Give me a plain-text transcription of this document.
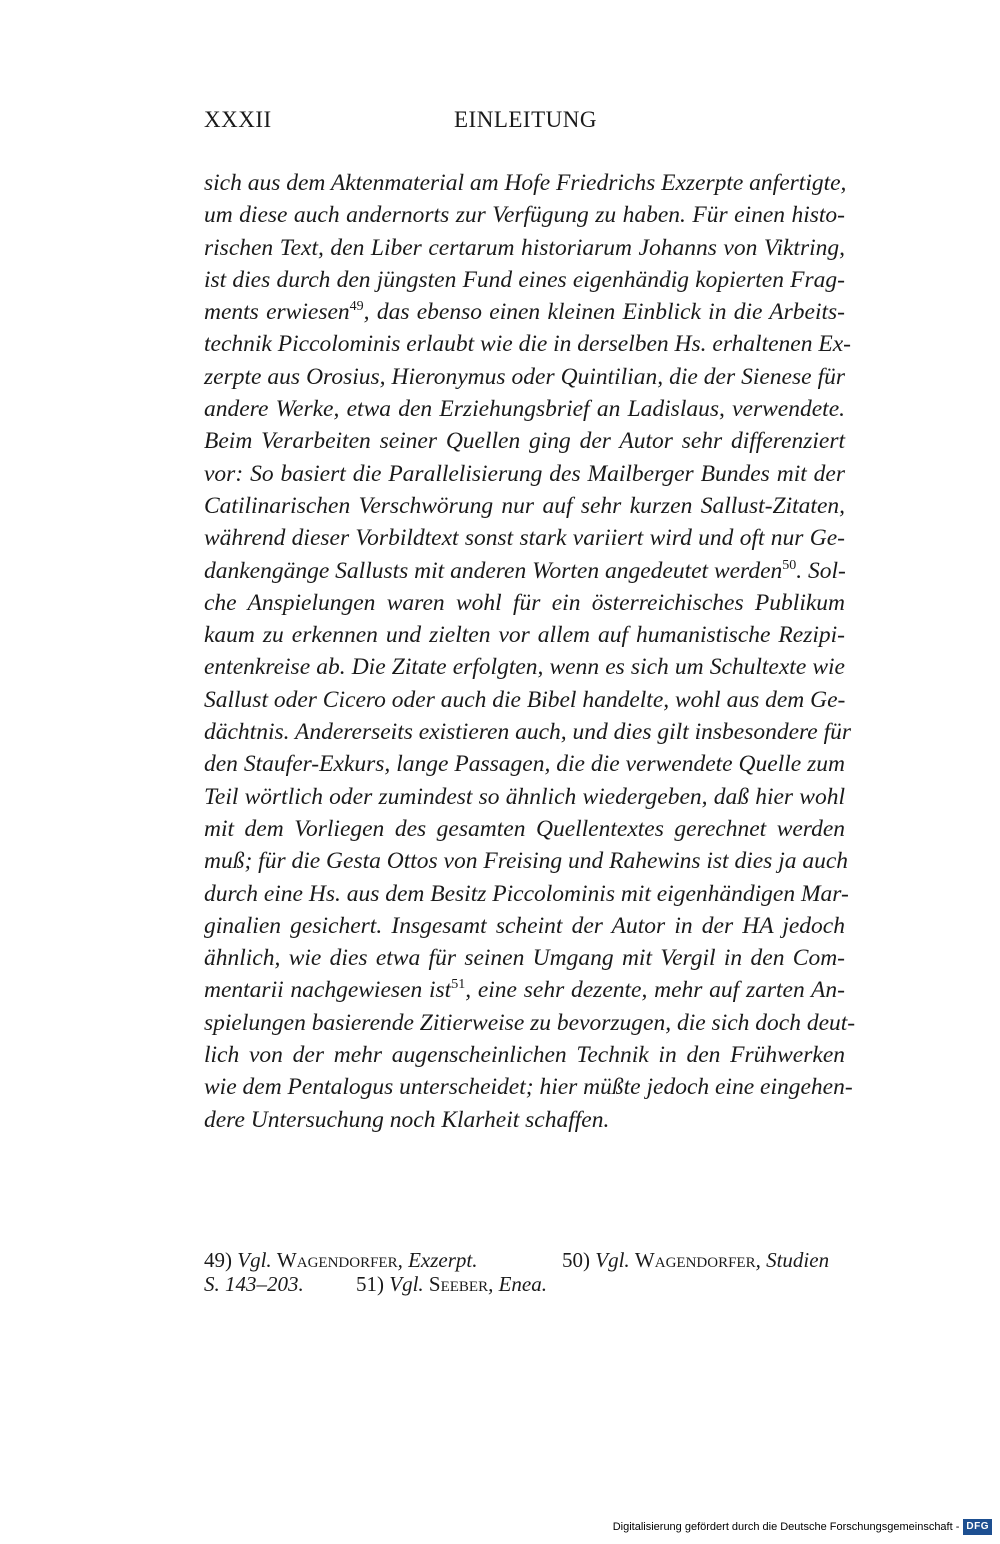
XXXII	EINLEITUNG
sich aus dem Aktenmaterial am Hofe Friedrichs Exzerpte anfertigte,
um diese auch andernorts zur Verfügung zu haben. Für einen histo-
rischen Text, den Liber certarum historiarum Johanns von Viktring,
ist dies durch den jüngsten Fund eines eigenhändig kopierten Frag-
ments erwiesen$^{49}$, das ebenso einen kleinen Einblick in die Arbeits-
technik Piccolominis erlaubt wie die in derselben Hs. erhaltenen Ex-
zerpte aus Orosius, Hieronymus oder Quintilian, die der Sienese für
andere Werke, etwa den Erziehungsbrief an Ladislaus, verwendete.
Beim Verarbeiten seiner Quellen ging der Autor sehr differenziert
vor: So basiert die Parallelisierung des Mailberger Bundes mit der
Catilinarischen Verschwörung nur auf sehr kurzen Sallust-Zitaten,
während dieser Vorbildtext sonst stark variiert wird und oft nur Ge-
dankengänge Sallusts mit anderen Worten angedeutet werden$^{50}$. Sol-
che Anspielungen waren wohl für ein österreichisches Publikum
kaum zu erkennen und zielten vor allem auf humanistische Rezipi-
entenkreise ab. Die Zitate erfolgten, wenn es sich um Schultexte wie
Sallust oder Cicero oder auch die Bibel handelte, wohl aus dem Ge-
dächtnis. Andererseits existieren auch, und dies gilt insbesondere für
den Staufer-Exkurs, lange Passagen, die die verwendete Quelle zum
Teil wörtlich oder zumindest so ähnlich wiedergeben, daß hier wohl
mit dem Vorliegen des gesamten Quellentextes gerechnet werden
muß; für die Gesta Ottos von Freising und Rahewins ist dies ja auch
durch eine Hs. aus dem Besitz Piccolominis mit eigenhändigen Mar-
ginalien gesichert. Insgesamt scheint der Autor in der HA jedoch
ähnlich, wie dies etwa für seinen Umgang mit Vergil in den Com-
mentarii nachgewiesen ist$^{51}$, eine sehr dezente, mehr auf zarten An-
spielungen basierende Zitierweise zu bevorzugen, die sich doch deut-
lich von der mehr augenscheinlichen Technik in den Frühwerken
wie dem Pentalogus unterscheidet; hier müßte jedoch eine eingehen-
dere Untersuchung noch Klarheit schaffen.
49) Vgl. Wagendorfer, Exzerpt.	50) Vgl. Wagendorfer, Studien
S. 143–203. 51) Vgl. Seeber, Enea.
Digitalisierung gefördert durch die Deutsche Forschungsgemeinschaft - DFG
